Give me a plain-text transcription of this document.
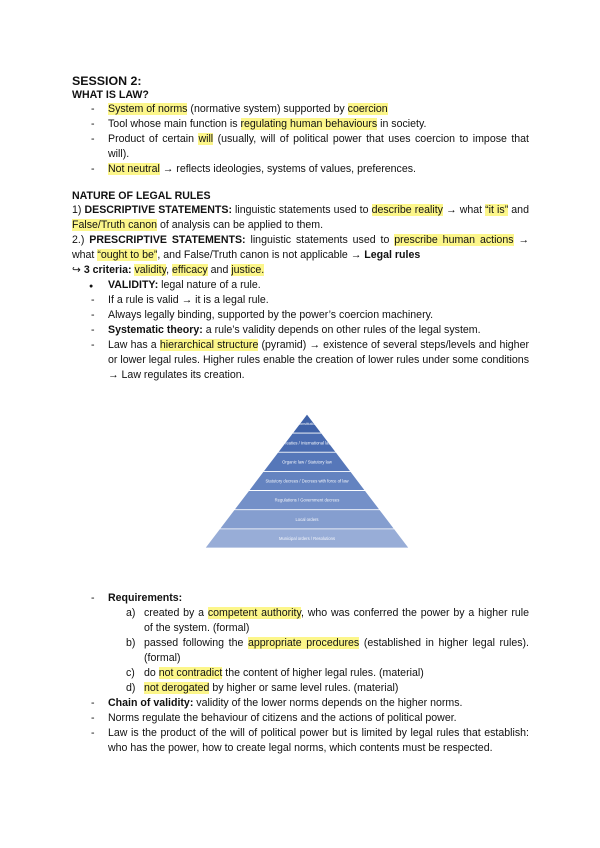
SESSION 2:
WHAT IS LAW?
- System of norms (normative system) supported by coercion
- Tool whose main function is regulating human behaviours in society.
- Product of certain will (usually, will of political power that uses coercion to impose that will).
- Not neutral → reflects ideologies, systems of values, preferences.
NATURE OF LEGAL RULES

1) DESCRIPTIVE STATEMENTS: linguistic statements used to describe reality → what “it is” and False/Truth canon of analysis can be applied to them.

2.) PRESCRIPTIVE STATEMENTS: linguistic statements used to prescribe human actions → what “ought to be”, and False/Truth canon is not applicable → Legal rules

↪ 3 criteria: validity, efficacy and justice.

● VALIDITY: legal nature of a rule.
- If a rule is valid → it is a legal rule.
- Always legally binding, supported by the power’s coercion machinery.
- Systematic theory: a rule’s validity depends on other rules of the legal system.
- Law has a hierarchical structure (pyramid) → existence of several steps/levels and higher or lower legal rules. Higher rules enable the creation of lower rules under some conditions → Law regulates its creation.
Constitution
Treaties / International law
Organic law / Statutory law
Statutory decrees / Decrees with force of law
Regulations / Government decrees
Local orders
Municipal orders / Resolutions
- Requirements:
a) created by a competent authority, who was conferred the power by a higher rule of the system. (formal)
b) passed following the appropriate procedures (established in higher legal rules). (formal)
c) do not contradict the content of higher legal rules. (material)
d) not derogated by higher or same level rules. (material)
- Chain of validity: validity of the lower norms depends on the higher norms.
- Norms regulate the behaviour of citizens and the actions of political power.
- Law is the product of the will of political power but is limited by legal rules that establish: who has the power, how to create legal norms, which contents must be respected.
